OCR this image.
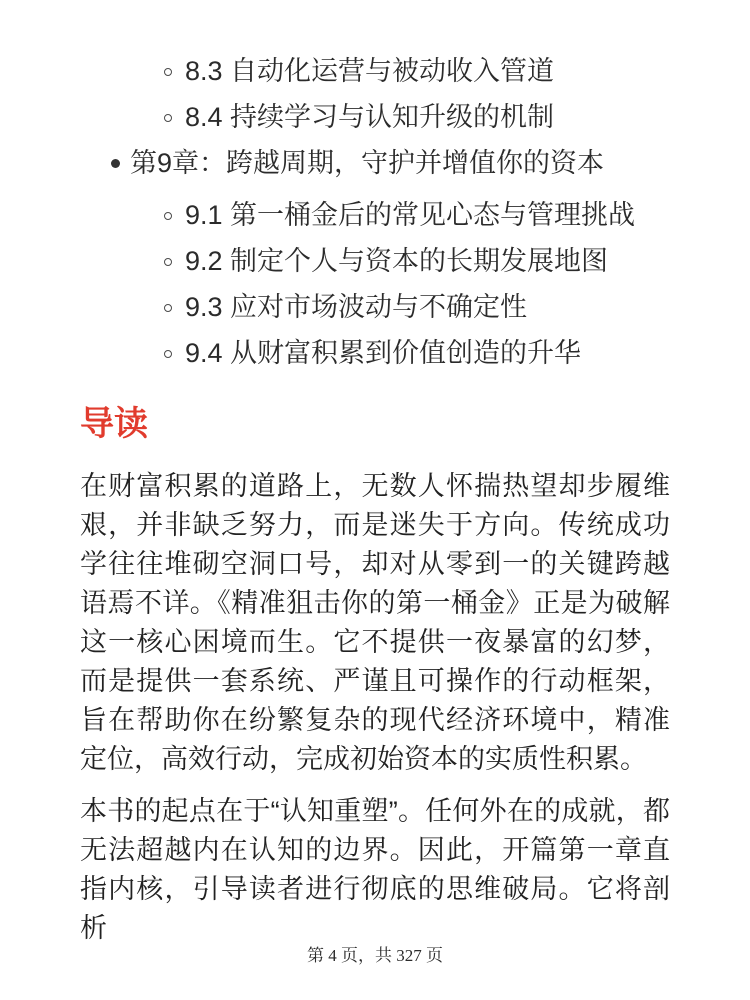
8.3 自动化运营与被动收入管道
8.4 持续学习与认知升级的机制
第9章：跨越周期，守护并增值你的资本
9.1 第一桶金后的常见心态与管理挑战
9.2 制定个人与资本的长期发展地图
9.3 应对市场波动与不确定性
9.4 从财富积累到价值创造的升华
导读

在财富积累的道路上，无数人怀揣热望却步履维艰，并非缺乏努力，而是迷失于方向。传统成功学往往堆砌空洞口号，却对从零到一的关键跨越语焉不详。《精准狙击你的第一桶金》正是为破解这一核心困境而生。它不提供一夜暴富的幻梦，而是提供一套系统、严谨且可操作的行动框架，旨在帮助你在纷繁复杂的现代经济环境中，精准定位，高效行动，完成初始资本的实质性积累。

本书的起点在于“认知重塑”。任何外在的成就，都无法超越内在认知的边界。因此，开篇第一章直指内核，引导读者进行彻底的思维破局。它将剖析

第 4 页，共 327 页
